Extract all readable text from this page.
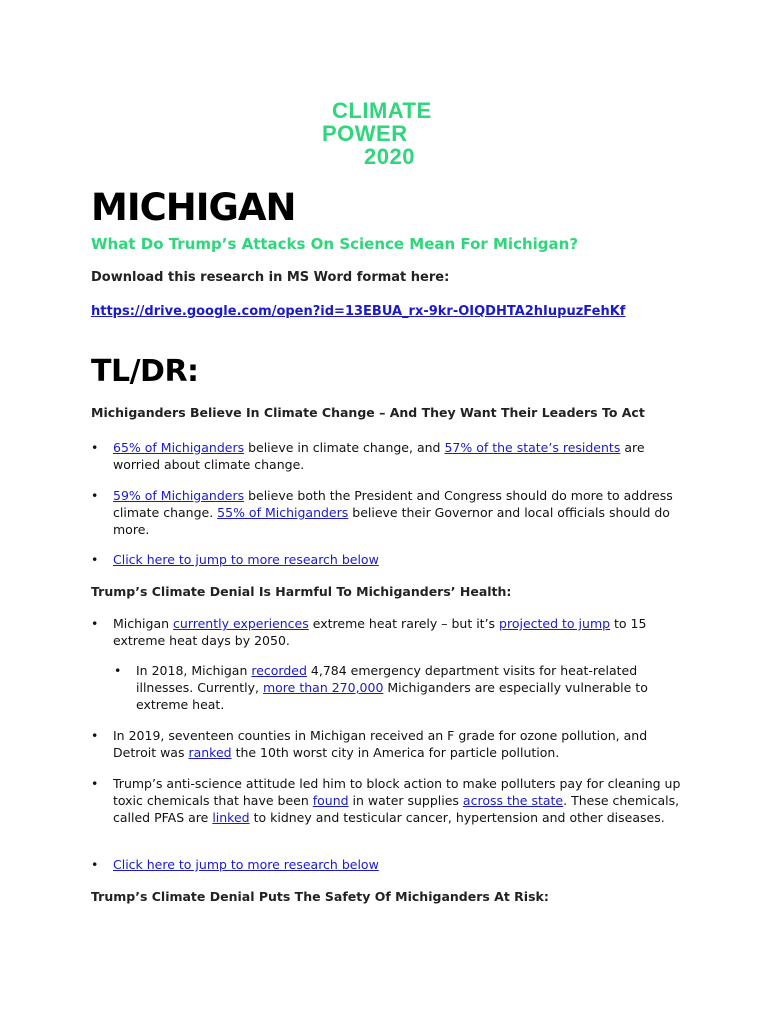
CLIMATE
POWER
2020
MICHIGAN
What Do Trump’s Attacks On Science Mean For Michigan?

Download this research in MS Word format here:

https://drive.google.com/open?id=13EBUA_rx-9kr-OIQDHTA2hIupuzFehKf
TL/DR:

Michiganders Believe In Climate Change – And They Want Their Leaders To Act

• 65% of Michiganders believe in climate change, and 57% of the state’s residents are worried about climate change.
• 59% of Michiganders believe both the President and Congress should do more to address climate change. 55% of Michiganders believe their Governor and local officials should do more.
• Click here to jump to more research below

Trump’s Climate Denial Is Harmful To Michiganders’ Health:

• Michigan currently experiences extreme heat rarely – but it’s projected to jump to 15 extreme heat days by 2050.
• In 2018, Michigan recorded 4,784 emergency department visits for heat-related illnesses. Currently, more than 270,000 Michiganders are especially vulnerable to extreme heat.
• In 2019, seventeen counties in Michigan received an F grade for ozone pollution, and Detroit was ranked the 10th worst city in America for particle pollution.
• Trump’s anti-science attitude led him to block action to make polluters pay for cleaning up toxic chemicals that have been found in water supplies across the state. These chemicals, called PFAS are linked to kidney and testicular cancer, hypertension and other diseases.
• Click here to jump to more research below

Trump’s Climate Denial Puts The Safety Of Michiganders At Risk:
